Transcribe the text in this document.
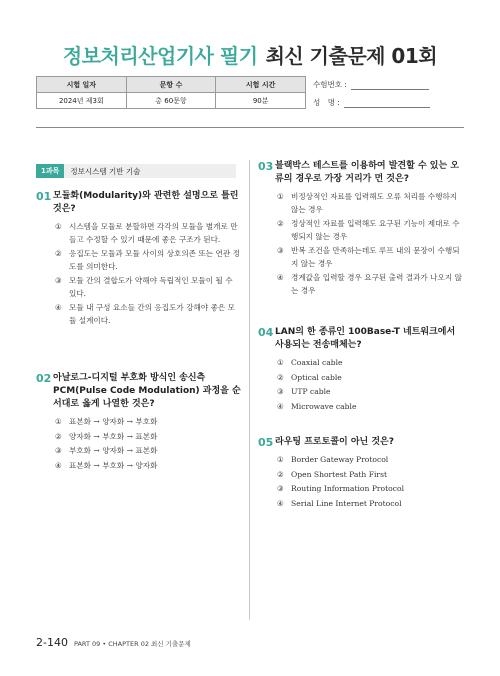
정보처리산업기사 필기 최신 기출문제 01회
시험 일자	문항 수	시험 시간
2024년 제3회	총 60문항	90분
수험번호 :
성　명 :
1과목	정보시스템 기반 기술
01 모듈화(Modularity)와 관련한 설명으로 틀린 것은?
① 시스템을 모듈로 분할하면 각각의 모듈을 별개로 만들고 수정할 수 있기 때문에 좋은 구조가 된다.
② 응집도는 모듈과 모듈 사이의 상호의존 또는 연관 정도를 의미한다.
③ 모듈 간의 결합도가 약해야 독립적인 모듈이 될 수 있다.
④ 모듈 내 구성 요소들 간의 응집도가 강해야 좋은 모듈 설계이다.
02 아날로그-디지털 부호화 방식인 송신측 PCM(Pulse Code Modulation) 과정을 순서대로 옳게 나열한 것은?
① 표본화 → 양자화 → 부호화
② 양자화 → 부호화 → 표본화
③ 부호화 → 양자화 → 표본화
④ 표본화 → 부호화 → 양자화
03 블랙박스 테스트를 이용하여 발견할 수 있는 오류의 경우로 가장 거리가 먼 것은?
① 비정상적인 자료를 입력해도 오류 처리를 수행하지 않는 경우
② 정상적인 자료를 입력해도 요구된 기능이 제대로 수행되지 않는 경우
③ 반복 조건을 만족하는데도 루프 내의 문장이 수행되지 않는 경우
④ 경계값을 입력할 경우 요구된 출력 결과가 나오지 않는 경우
04 LAN의 한 종류인 100Base-T 네트워크에서 사용되는 전송매체는?
① Coaxial cable
② Optical cable
③ UTP cable
④ Microwave cable
05 라우팅 프로토콜이 아닌 것은?
① Border Gateway Protocol
② Open Shortest Path First
③ Routing Information Protocol
④ Serial Line Internet Protocol
2-140 PART 09 • CHAPTER 02 최신 기출문제
